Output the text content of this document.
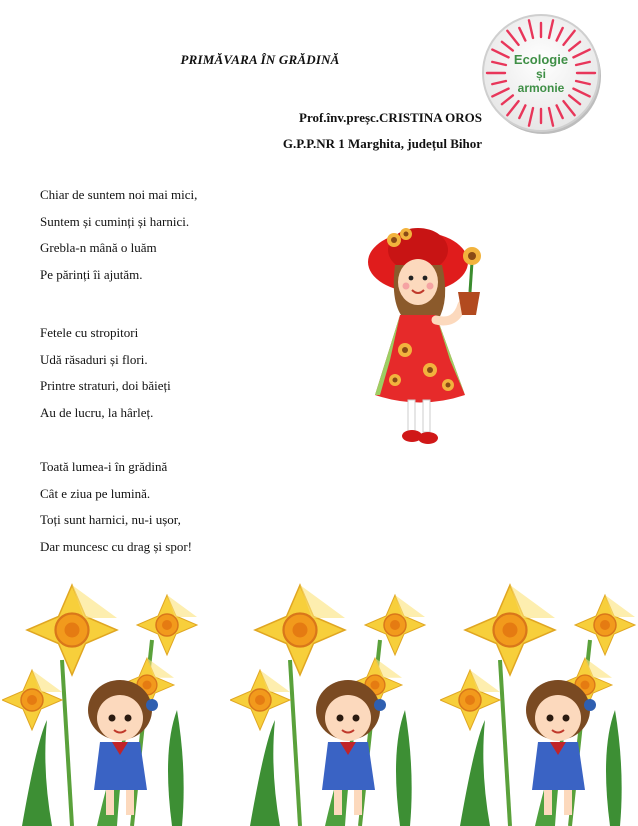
PRIMĂVARA ÎN GRĂDINĂ
Prof.înv.preșc.CRISTINA OROS
G.P.P.NR 1 Marghita, județul Bihor
Ecologie
și
armonie
Chiar de suntem noi mai mici,
Suntem și cuminți și harnici.
Grebla-n mână o luăm
Pe părinți îi ajutăm.
Fetele cu stropitori
Udă răsaduri și flori.
Printre straturi, doi băieți
Au de lucru, la hârleț.
Toată lumea-i în grădină
Cât e ziua pe lumină.
Toți sunt harnici, nu-i ușor,
Dar muncesc cu drag și spor!
